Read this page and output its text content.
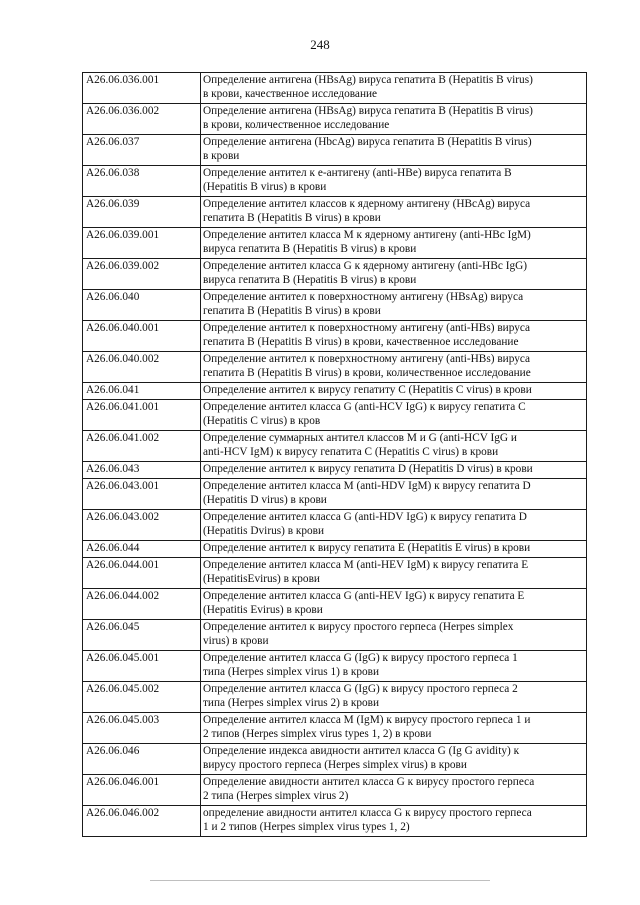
248
A26.06.036.001	Определение антигена (HBsAg) вируса гепатита B (Hepatitis B virus)
в крови, качественное исследование

A26.06.036.002	Определение антигена (HBsAg) вируса гепатита B (Hepatitis B virus)
в крови, количественное исследование

A26.06.037	Определение антигена (HbcAg) вируса гепатита B (Hepatitis B virus)
в крови

A26.06.038	Определение антител к e-антигену (anti-HBe) вируса гепатита B
(Hepatitis B virus) в крови

A26.06.039	Определение антител классов к ядерному антигену (HBcAg) вируса
гепатита B (Hepatitis B virus) в крови

A26.06.039.001	Определение антител класса M к ядерному антигену (anti-HBc IgM)
вируса гепатита B (Hepatitis B virus) в крови

A26.06.039.002	Определение антител класса G к ядерному антигену (anti-HBc IgG)
вируса гепатита B (Hepatitis B virus) в крови

A26.06.040	Определение антител к поверхностному антигену (HBsAg) вируса
гепатита B (Hepatitis B virus) в крови

A26.06.040.001	Определение антител к поверхностному антигену (anti-HBs) вируса
гепатита B (Hepatitis B virus) в крови, качественное исследование

A26.06.040.002	Определение антител к поверхностному антигену (anti-HBs) вируса
гепатита B (Hepatitis B virus) в крови, количественное исследование

A26.06.041	Определение антител к вирусу гепатиту C (Hepatitis C virus) в крови

A26.06.041.001	Определение антител класса G (anti-HCV IgG) к вирусу гепатита C
(Hepatitis C virus) в кров

A26.06.041.002	Определение суммарных антител классов M и G (anti-HCV IgG и
anti-HCV IgM) к вирусу гепатита C (Hepatitis C virus) в крови

A26.06.043	Определение антител к вирусу гепатита D (Hepatitis D virus) в крови

A26.06.043.001	Определение антител класса M (anti-HDV IgM) к вирусу гепатита D
(Hepatitis D virus) в крови

A26.06.043.002	Определение антител класса G (anti-HDV IgG) к вирусу гепатита D
(Hepatitis Dvirus) в крови

A26.06.044	Определение антител к вирусу гепатита E (Hepatitis E virus) в крови

A26.06.044.001	Определение антител класса M (anti-HEV IgM) к вирусу гепатита E
(HepatitisEvirus) в крови

A26.06.044.002	Определение антител класса G (anti-HEV IgG) к вирусу гепатита E
(Hepatitis Evirus) в крови

A26.06.045	Определение антител к вирусу простого герпеса (Herpes simplex
virus) в крови

A26.06.045.001	Определение антител класса G (IgG) к вирусу простого герпеса 1
типа (Herpes simplex virus 1) в крови

A26.06.045.002	Определение антител класса G (IgG) к вирусу простого герпеса 2
типа (Herpes simplex virus 2) в крови

A26.06.045.003	Определение антител класса M (IgM) к вирусу простого герпеса 1 и
2 типов (Herpes simplex virus types 1, 2) в крови

A26.06.046	Определение индекса авидности антител класса G (Ig G avidity) к
вирусу простого герпеса (Herpes simplex virus) в крови

A26.06.046.001	Определение авидности антител класса G к вирусу простого герпеса
2 типа (Herpes simplex virus 2)

A26.06.046.002	определение авидности антител класса G к вирусу простого герпеса
1 и 2 типов (Herpes simplex virus types 1, 2)
